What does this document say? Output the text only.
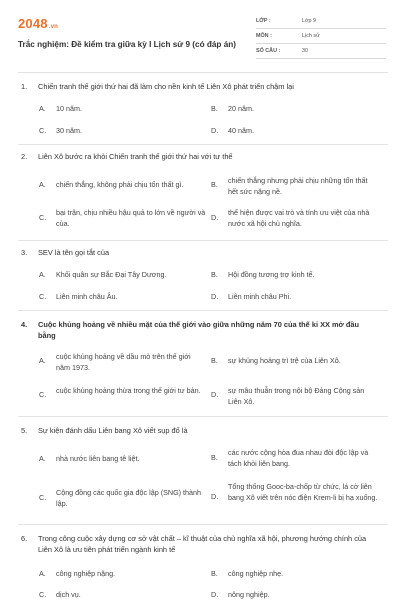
2048.vn
Trắc nghiệm: Đề kiểm tra giữa kỳ I Lịch sử 9 (có đáp án)
LỚP :	Lớp 9
MÔN :	Lịch sử
SỐ CÂU :	30
1. Chiến tranh thế giới thứ hai đã làm cho nền kinh tế Liên Xô phát triển chậm lại
A. 10 năm.	B. 20 năm.
C. 30 năm.	D. 40 năm.
2. Liên Xô bước ra khỏi Chiến tranh thế giới thứ hai với tư thế
A. chiến thắng, không phải chịu tổn thất gì.	B. chiến thắng nhưng phải chịu những tổn thất hết sức nặng nề.
C.
bại trận, chịu nhiều hậu quả to lớn về người và của.
D.
thế hiện được vai trò và tính ưu việt của nhà nước xã hội chủ nghĩa.
3. SEV là tên gọi tắt của
A. Khối quân sự Bắc Đại Tây Dương.	B. Hội đồng tương trợ kinh tế.
C. Liên minh châu Âu.	D. Liên minh châu Phi.
4. Cuộc khủng hoảng về nhiều mặt của thế giới vào giữa những năm 70 của thế kỉ XX mở đầu bằng
A. cuộc khủng hoảng về dầu mỏ trên thế giới năm 1973.
B. sự khủng hoảng trì trệ của Liên Xô.
C. cuộc khủng hoảng thừa trong thế giới tư bản.	D. sự mâu thuẫn trong nội bộ Đảng Cộng sản Liên Xô.
5. Sự kiện đánh dấu Liên bang Xô viết sụp đổ là
A. nhà nước liên bang tê liệt.	B.
các nước cộng hòa đua nhau đòi độc lập và tách khỏi liên bang.
C.
Cộng đồng các quốc gia độc lập (SNG) thành lập.
D.
Tổng thống Gooc-ba-chốp từ chức, lá cờ liên bang Xô viết trên nóc điện Krem-li bị hạ xuống.
6. Trong công cuộc xây dựng cơ sở vật chất – kĩ thuật của chủ nghĩa xã hội, phương hướng chính của Liên Xô là ưu tiên phát triển ngành kinh tế
A. công nghiệp nặng.	B. công nghiệp nhẹ.
C. dịch vụ.	D. nông nghiệp.
